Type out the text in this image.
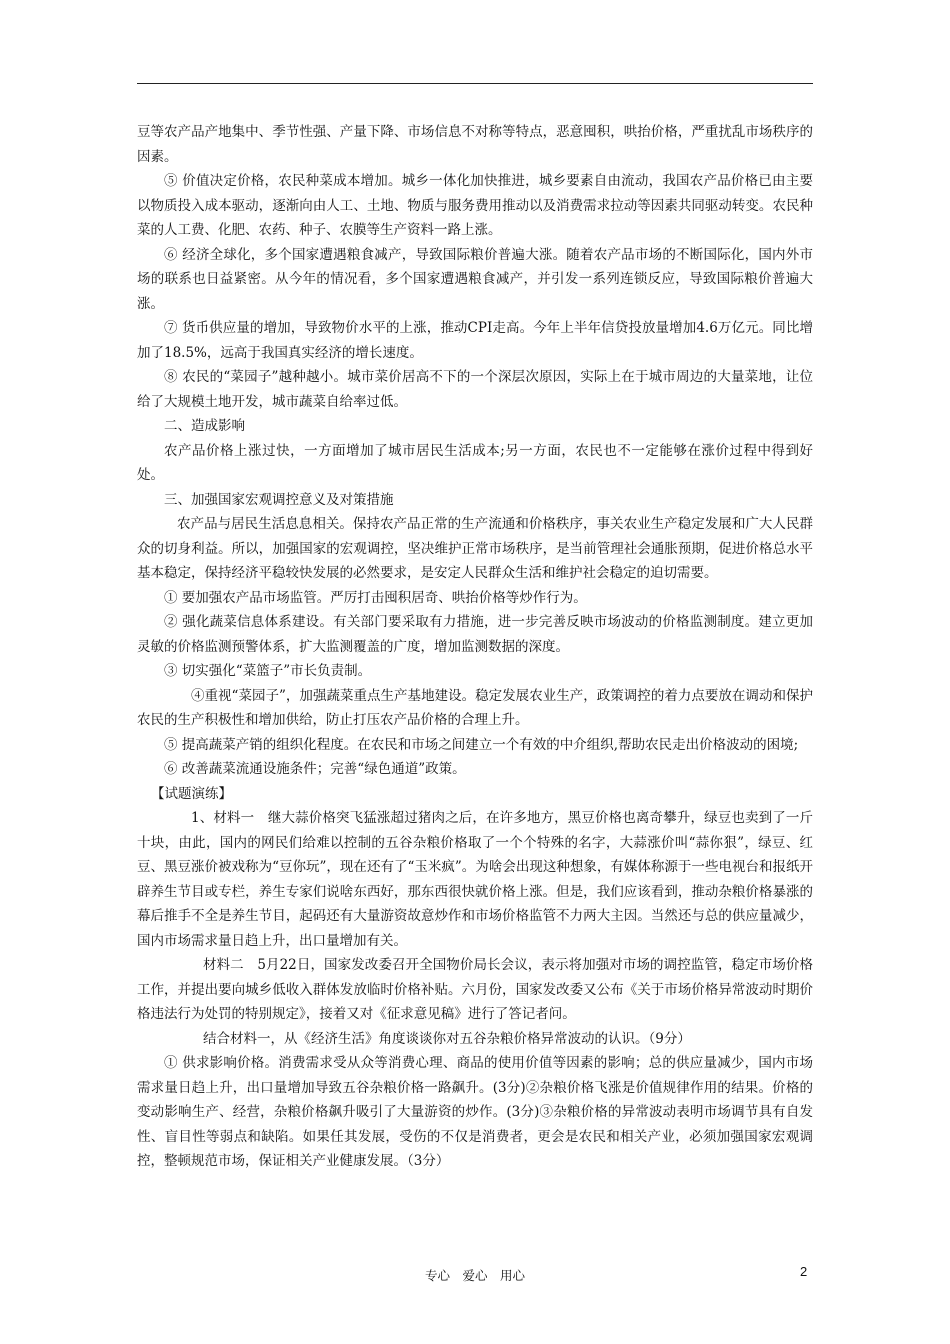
豆等农产品产地集中、季节性强、产量下降、市场信息不对称等特点，恶意囤积，哄抬价格，严重扰乱市场秩序的因素。

⑤ 价值决定价格，农民种菜成本增加。城乡一体化加快推进，城乡要素自由流动，我国农产品价格已由主要以物质投入成本驱动，逐渐向由人工、土地、物质与服务费用推动以及消费需求拉动等因素共同驱动转变。农民种菜的人工费、化肥、农药、种子、农膜等生产资料一路上涨。

⑥ 经济全球化，多个国家遭遇粮食减产，导致国际粮价普遍大涨。随着农产品市场的不断国际化，国内外市场的联系也日益紧密。从今年的情况看，多个国家遭遇粮食减产，并引发一系列连锁反应，导致国际粮价普遍大涨。

⑦ 货币供应量的增加，导致物价水平的上涨，推动CPI走高。今年上半年信贷投放量增加4.6万亿元。同比增加了18.5%，远高于我国真实经济的增长速度。

⑧ 农民的“菜园子”越种越小。城市菜价居高不下的一个深层次原因，实际上在于城市周边的大量菜地，让位给了大规模土地开发，城市蔬菜自给率过低。

二、造成影响

农产品价格上涨过快，一方面增加了城市居民生活成本;另一方面，农民也不一定能够在涨价过程中得到好处。

三、加强国家宏观调控意义及对策措施

农产品与居民生活息息相关。保持农产品正常的生产流通和价格秩序，事关农业生产稳定发展和广大人民群众的切身利益。所以，加强国家的宏观调控，坚决维护正常市场秩序，是当前管理社会通胀预期，促进价格总水平基本稳定，保持经济平稳较快发展的必然要求，是安定人民群众生活和维护社会稳定的迫切需要。

① 要加强农产品市场监管。严厉打击囤积居奇、哄抬价格等炒作行为。

② 强化蔬菜信息体系建设。有关部门要采取有力措施，进一步完善反映市场波动的价格监测制度。建立更加灵敏的价格监测预警体系，扩大监测覆盖的广度，增加监测数据的深度。

③ 切实强化“菜篮子”市长负责制。

④重视“菜园子”，加强蔬菜重点生产基地建设。稳定发展农业生产，政策调控的着力点要放在调动和保护农民的生产积极性和增加供给，防止打压农产品价格的合理上升。

⑤ 提高蔬菜产销的组织化程度。在农民和市场之间建立一个有效的中介组织,帮助农民走出价格波动的困境;

⑥ 改善蔬菜流通设施条件；完善“绿色通道”政策。

【试题演练】

1、材料一　继大蒜价格突飞猛涨超过猪肉之后，在许多地方，黑豆价格也离奇攀升，绿豆也卖到了一斤十块，由此，国内的网民们给难以控制的五谷杂粮价格取了一个个特殊的名字，大蒜涨价叫“蒜你狠”，绿豆、红豆、黑豆涨价被戏称为“豆你玩”，现在还有了“玉米疯”。为啥会出现这种想象，有媒体称源于一些电视台和报纸开辟养生节目或专栏，养生专家们说啥东西好，那东西很快就价格上涨。但是，我们应该看到，推动杂粮价格暴涨的幕后推手不全是养生节目，起码还有大量游资故意炒作和市场价格监管不力两大主因。当然还与总的供应量减少，国内市场需求量日趋上升，出口量增加有关。

材料二　5月22日，国家发改委召开全国物价局长会议，表示将加强对市场的调控监管，稳定市场价格工作，并提出要向城乡低收入群体发放临时价格补贴。六月份，国家发改委又公布《关于市场价格异常波动时期价格违法行为处罚的特别规定》，接着又对《征求意见稿》进行了答记者问。

结合材料一，从《经济生活》角度谈谈你对五谷杂粮价格异常波动的认识。（9分）

① 供求影响价格。消费需求受从众等消费心理、商品的使用价值等因素的影响；总的供应量减少，国内市场需求量日趋上升，出口量增加导致五谷杂粮价格一路飙升。(3分)②杂粮价格飞涨是价值规律作用的结果。价格的变动影响生产、经营，杂粮价格飙升吸引了大量游资的炒作。(3分)③杂粮价格的异常波动表明市场调节具有自发性、盲目性等弱点和缺陷。如果任其发展，受伤的不仅是消费者，更会是农民和相关产业，必须加强国家宏观调控，整顿规范市场，保证相关产业健康发展。（3分）

专心　爱心　用心	2
